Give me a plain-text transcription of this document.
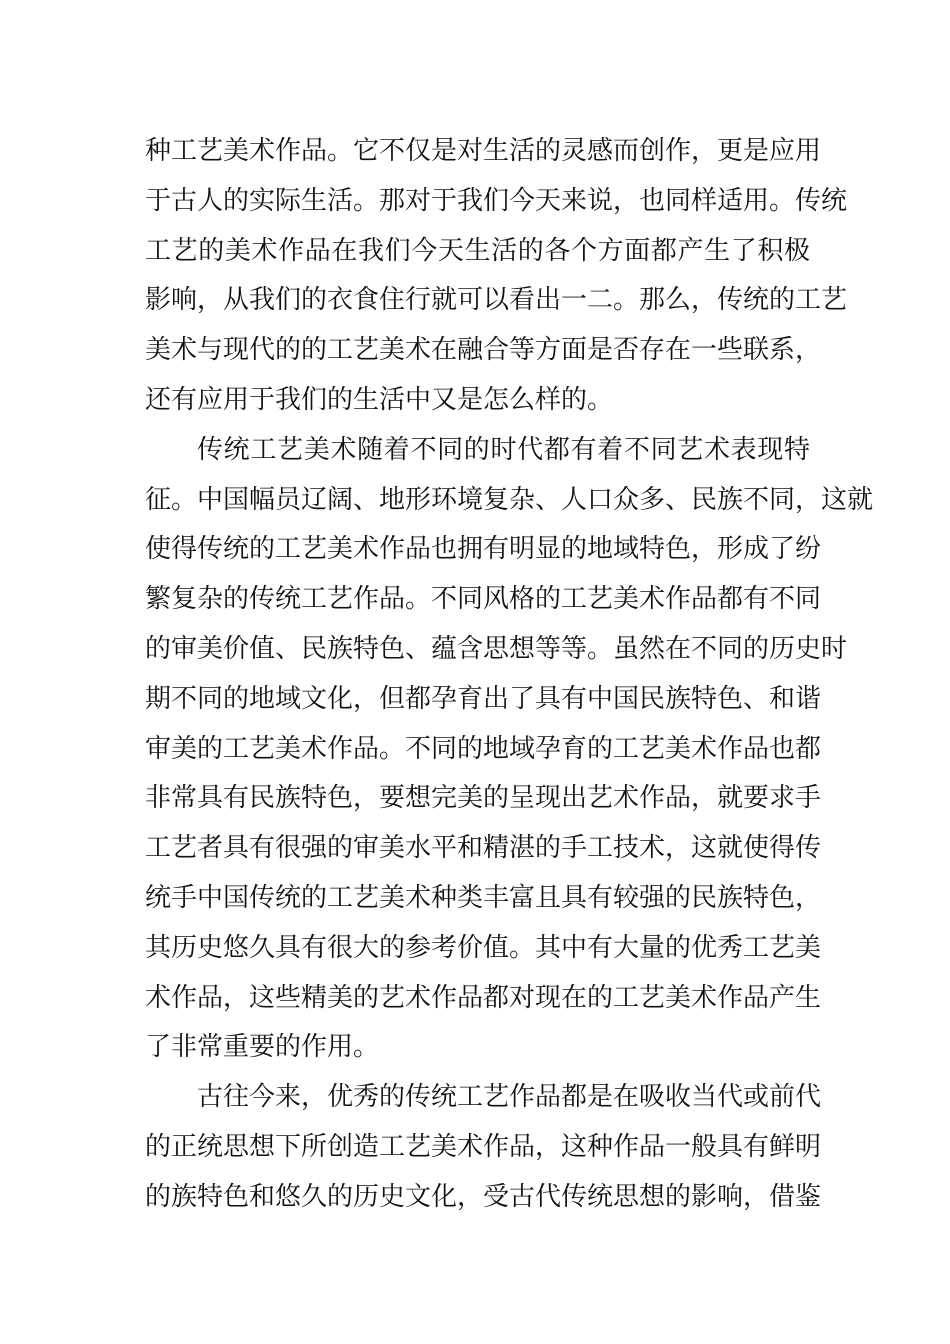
种工艺美术作品。它不仅是对生活的灵感而创作，更是应用
于古人的实际生活。那对于我们今天来说，也同样适用。传统
工艺的美术作品在我们今天生活的各个方面都产生了积极
影响，从我们的衣食住行就可以看出一二。那么，传统的工艺
美术与现代的的工艺美术在融合等方面是否存在一些联系，
还有应用于我们的生活中又是怎么样的。
传统工艺美术随着不同的时代都有着不同艺术表现特
征。中国幅员辽阔、地形环境复杂、人口众多、民族不同，这就
使得传统的工艺美术作品也拥有明显的地域特色，形成了纷
繁复杂的传统工艺作品。不同风格的工艺美术作品都有不同
的审美价值、民族特色、蕴含思想等等。虽然在不同的历史时
期不同的地域文化，但都孕育出了具有中国民族特色、和谐
审美的工艺美术作品。不同的地域孕育的工艺美术作品也都
非常具有民族特色，要想完美的呈现出艺术作品，就要求手
工艺者具有很强的审美水平和精湛的手工技术，这就使得传
统手中国传统的工艺美术种类丰富且具有较强的民族特色，
其历史悠久具有很大的参考价值。其中有大量的优秀工艺美
术作品，这些精美的艺术作品都对现在的工艺美术作品产生
了非常重要的作用。
古往今来，优秀的传统工艺作品都是在吸收当代或前代
的正统思想下所创造工艺美术作品，这种作品一般具有鲜明
的族特色和悠久的历史文化，受古代传统思想的影响，借鉴
